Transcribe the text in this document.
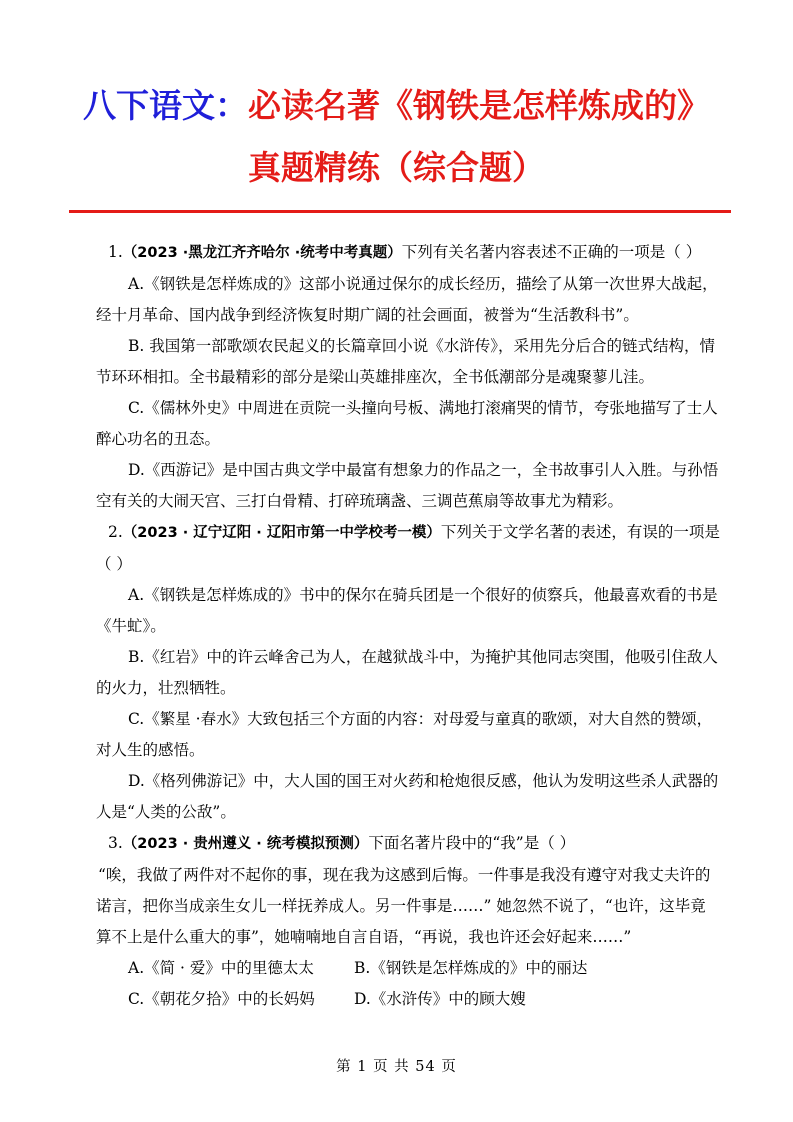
八下语文：必读名著《钢铁是怎样炼成的》
真题精练（综合题）

1.（2023 ·黑龙江齐齐哈尔 ·统考中考真题）下列有关名著内容表述不正确的一项是（ ）

A.《钢铁是怎样炼成的》这部小说通过保尔的成长经历，描绘了从第一次世界大战起，经十月革命、国内战争到经济恢复时期广阔的社会画面，被誉为“生活教科书”。

B. 我国第一部歌颂农民起义的长篇章回小说《水浒传》，采用先分后合的链式结构，情节环环相扣。全书最精彩的部分是梁山英雄排座次，全书低潮部分是魂聚蓼儿洼。

C.《儒林外史》中周进在贡院一头撞向号板、满地打滚痛哭的情节，夸张地描写了士人醉心功名的丑态。

D.《西游记》是中国古典文学中最富有想象力的作品之一，全书故事引人入胜。与孙悟空有关的大闹天宫、三打白骨精、打碎琉璃盏、三调芭蕉扇等故事尤为精彩。

2.（2023 · 辽宁辽阳 · 辽阳市第一中学校考一模）下列关于文学名著的表述，有误的一项是（ ）

A.《钢铁是怎样炼成的》书中的保尔在骑兵团是一个很好的侦察兵，他最喜欢看的书是《牛虻》。

B.《红岩》中的许云峰舍己为人，在越狱战斗中，为掩护其他同志突围，他吸引住敌人的火力，壮烈牺牲。

C.《繁星 ·春水》大致包括三个方面的内容：对母爱与童真的歌颂，对大自然的赞颂，对人生的感悟。

D.《格列佛游记》中，大人国的国王对火药和枪炮很反感，他认为发明这些杀人武器的人是“人类的公敌”。

3.（2023 · 贵州遵义 · 统考模拟预测）下面名著片段中的“我”是（ ）

“唉，我做了两件对不起你的事，现在我为这感到后悔。一件事是我没有遵守对我丈夫许的诺言，把你当成亲生女儿一样抚养成人。另一件事是……” 她忽然不说了，“也许，这毕竟算不上是什么重大的事”，她喃喃地自言自语，“再说，我也许还会好起来……”

A.《简 · 爱》中的里德太太	B.《钢铁是怎样炼成的》中的丽达

C.《朝花夕拾》中的长妈妈	D.《水浒传》中的顾大嫂

第 1 页 共 54 页
